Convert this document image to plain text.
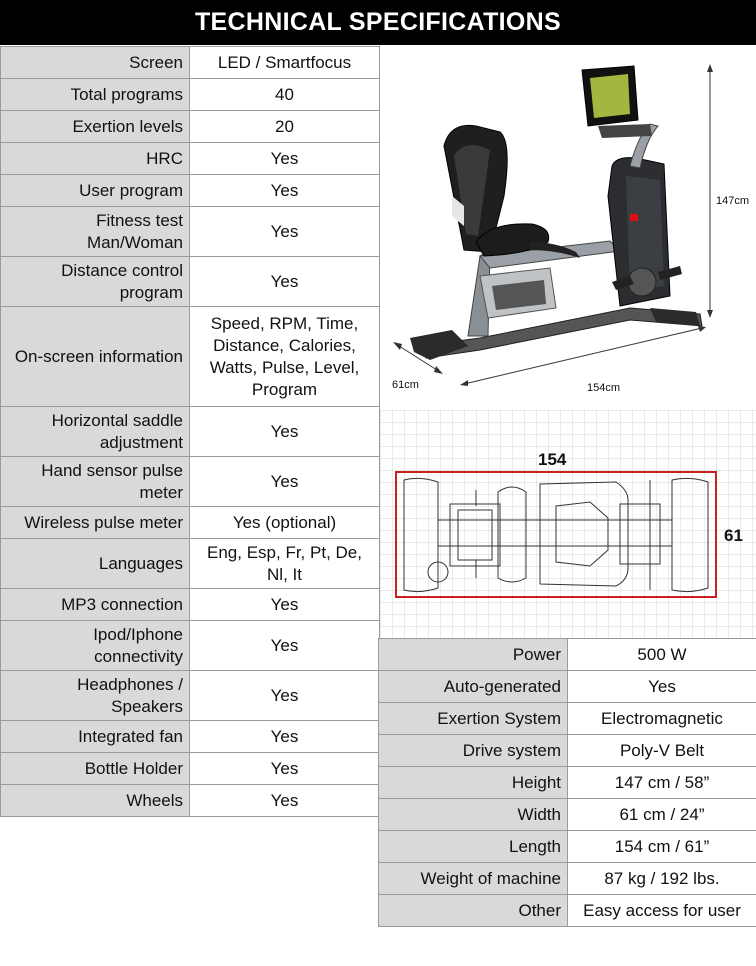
TECHNICAL SPECIFICATIONS
Screen	LED / Smartfocus
Total programs	40
Exertion levels	20
HRC	Yes
User program	Yes
Fitness test Man/Woman	Yes
Distance control program	Yes
On-screen information	Speed, RPM, Time, Distance, Calories, Watts, Pulse, Level, Program
Horizontal saddle adjustment	Yes
Hand sensor pulse meter	Yes
Wireless pulse meter	Yes (optional)
Languages	Eng, Esp, Fr, Pt, De, Nl, It
MP3 connection	Yes
Ipod/Iphone connectivity	Yes
Headphones / Speakers	Yes
Integrated fan	Yes
Bottle Holder	Yes
Wheels	Yes
147cm
61cm	154cm
154
61
Power	500 W
Auto-generated	Yes
Exertion System	Electromagnetic
Drive system	Poly-V Belt
Height	147 cm / 58”
Width	61 cm / 24”
Length	154 cm / 61”
Weight of machine	87 kg / 192 lbs.
Other	Easy access for user
